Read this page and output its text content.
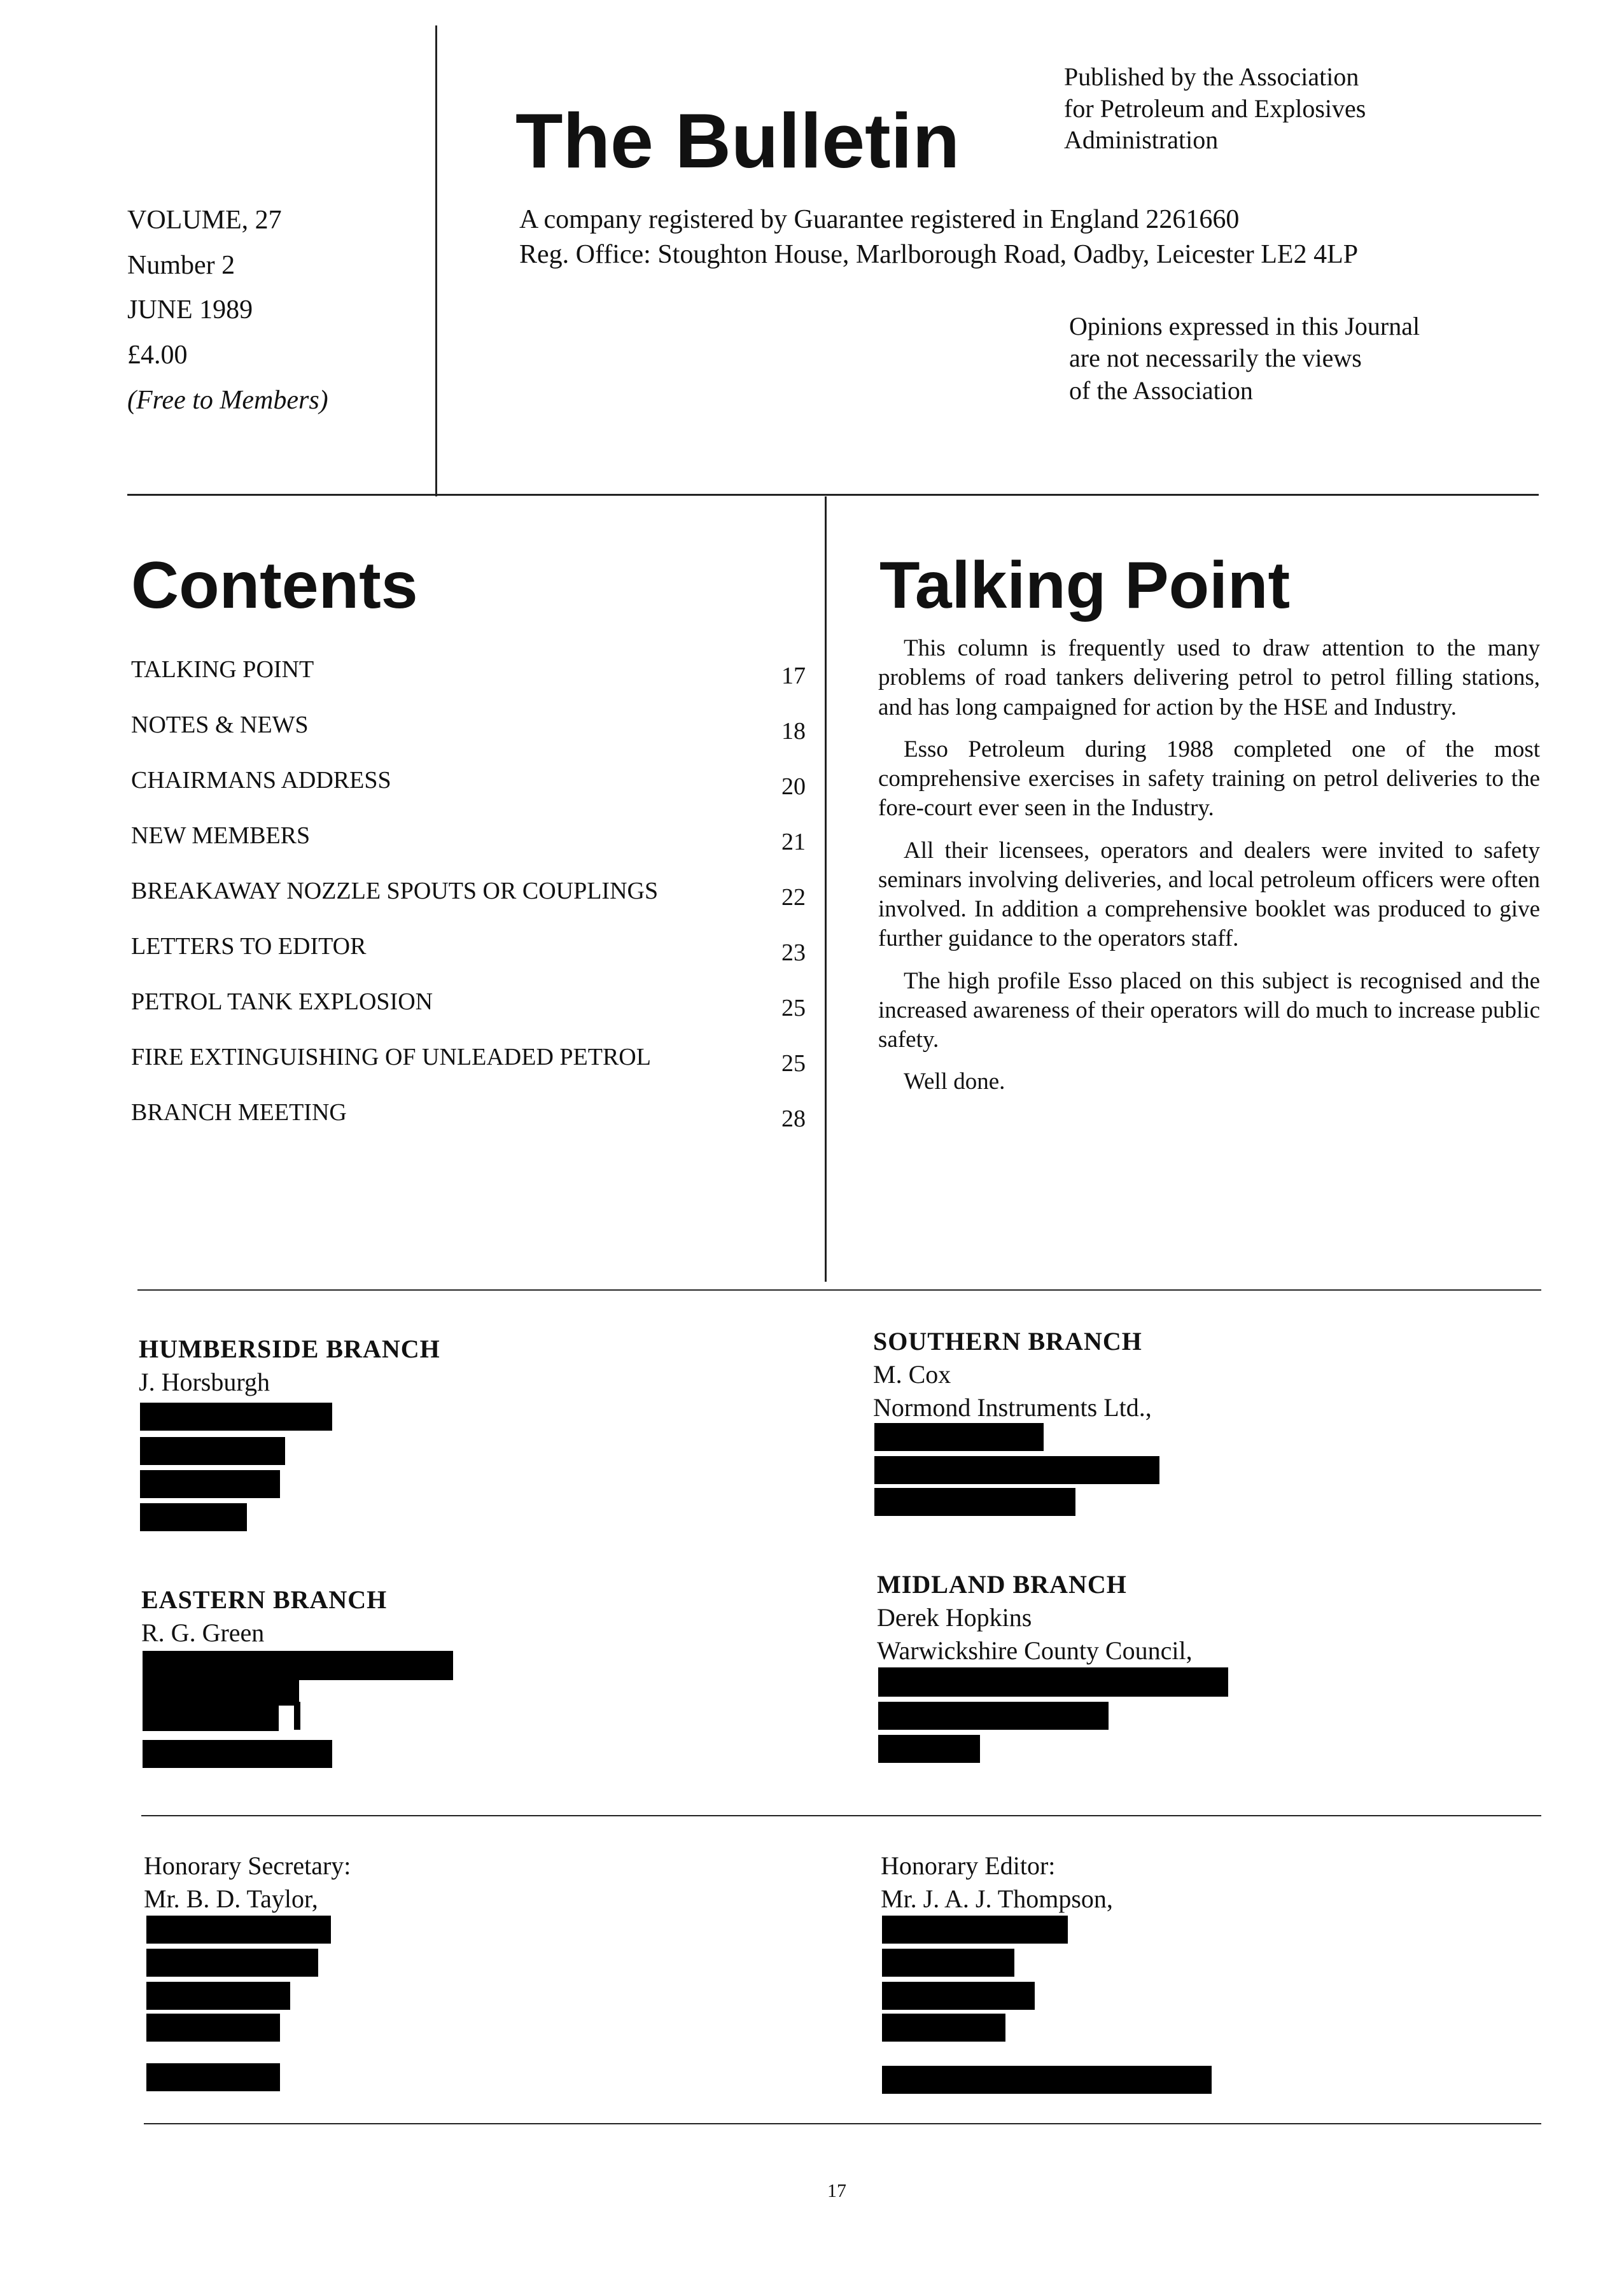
VOLUME, 27
Number 2
JUNE 1989
£4.00
(Free to Members)
The Bulletin
Published by the Association
for Petroleum and Explosives
Administration
A company registered by Guarantee registered in England 2261660
Reg. Office: Stoughton House, Marlborough Road, Oadby, Leicester LE2 4LP
Opinions expressed in this Journal
are not necessarily the views
of the Association
Contents
TALKING POINT	17
NOTES & NEWS	18
CHAIRMANS ADDRESS	20
NEW MEMBERS	21
BREAKAWAY NOZZLE SPOUTS OR COUPLINGS	22
LETTERS TO EDITOR	23
PETROL TANK EXPLOSION	25
FIRE EXTINGUISHING OF UNLEADED PETROL	25
BRANCH MEETING	28
Talking Point

This column is frequently used to draw attention to the many problems of road tankers delivering petrol to petrol filling stations, and has long campaigned for action by the HSE and Industry.

Esso Petroleum during 1988 completed one of the most comprehensive exercises in safety training on petrol deliveries to the fore-court ever seen in the Industry.

All their licensees, operators and dealers were invited to safety seminars involving deliveries, and local petroleum officers were often involved. In addition a comprehensive booklet was produced to give further guidance to the operators staff.

The high profile Esso placed on this subject is recognised and the increased awareness of their operators will do much to increase public safety.

Well done.

HUMBERSIDE BRANCH
J. Horsburgh
SOUTHERN BRANCH
M. Cox
Normond Instruments Ltd.,
EASTERN BRANCH
R. G. Green
MIDLAND BRANCH
Derek Hopkins
Warwickshire County Council,
Honorary Secretary:
Mr. B. D. Taylor,
Honorary Editor:
Mr. J. A. J. Thompson,
17
